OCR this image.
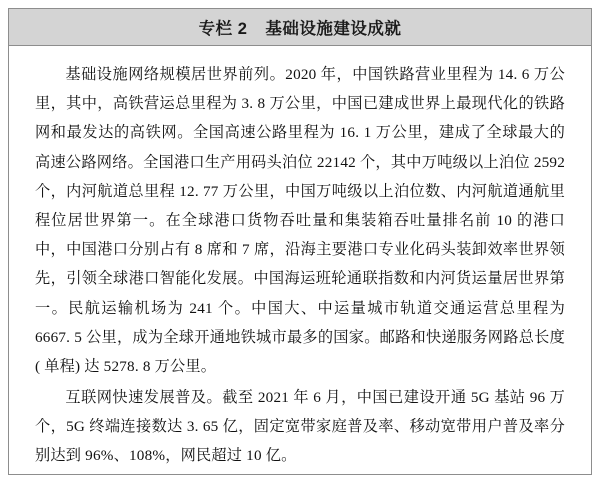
专栏 2 基础设施建设成就

基础设施网络规模居世界前列。2020 年，中国铁路营业里程为 14. 6 万公里，其中，高铁营运总里程为 3. 8 万公里，中国已建成世界上最现代化的铁路网和最发达的高铁网。全国高速公路里程为 16. 1 万公里，建成了全球最大的高速公路网络。全国港口生产用码头泊位 22142 个，其中万吨级以上泊位 2592 个，内河航道总里程 12. 77 万公里，中国万吨级以上泊位数、内河航道通航里程位居世界第一。在全球港口货物吞吐量和集装箱吞吐量排名前 10 的港口中，中国港口分别占有 8 席和 7 席，沿海主要港口专业化码头装卸效率世界领先，引领全球港口智能化发展。中国海运班轮通联指数和内河货运量居世界第一。民航运输机场为 241 个。中国大、中运量城市轨道交通运营总里程为 6667. 5 公里，成为全球开通地铁城市最多的国家。邮路和快递服务网路总长度( 单程) 达 5278. 8 万公里。

互联网快速发展普及。截至 2021 年 6 月，中国已建设开通 5G 基站 96 万个，5G 终端连接数达 3. 65 亿，固定宽带家庭普及率、移动宽带用户普及率分别达到 96%、108%，网民超过 10 亿。
